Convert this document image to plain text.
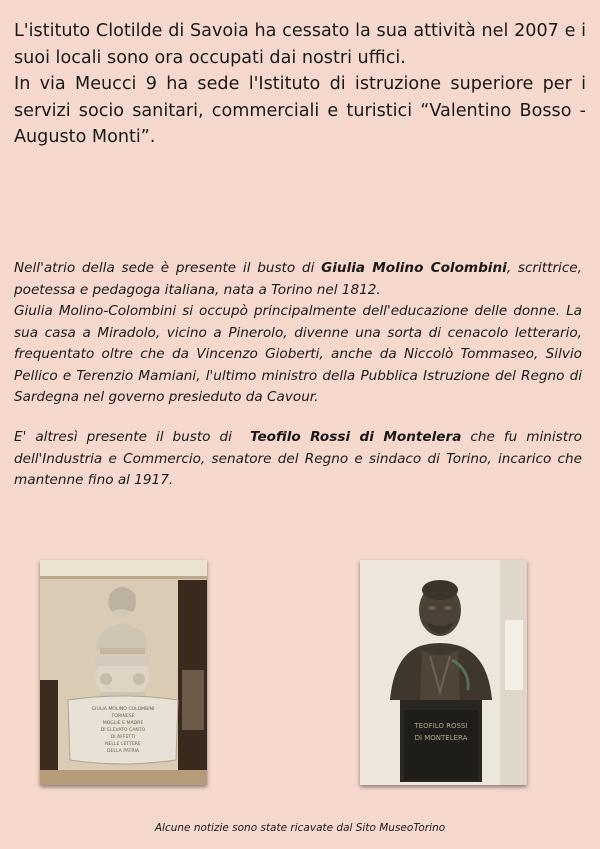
L'istituto Clotilde di Savoia ha cessato la sua attività nel 2007 e i suoi locali sono ora occupati dai nostri uffici.

In via Meucci 9 ha sede l'Istituto di istruzione superiore per i servizi socio sanitari, commerciali e turistici “Valentino Bosso - Augusto Monti”.

Nell'atrio della sede è presente il busto di Giulia Molino Colombini, scrittrice, poetessa e pedagoga italiana, nata a Torino nel 1812.

Giulia Molino-Colombini si occupò principalmente dell'educazione delle donne. La sua casa a Miradolo, vicino a Pinerolo, divenne una sorta di cenacolo letterario, frequentato oltre che da Vincenzo Gioberti, anche da Niccolò Tommaseo, Silvio Pellico e Terenzio Mamiani, l'ultimo ministro della Pubblica Istruzione del Regno di Sardegna nel governo presieduto da Cavour.

E' altresì presente il busto di  Teofilo Rossi di Montelera che fu ministro dell'Industria e Commercio, senatore del Regno e sindaco di Torino, incarico che mantenne fino al 1917.

GIULIA MOLINO COLOMBINI
TORINESE
MOGLIE E MADRE
DI ELEVATO CANTO
DI AFFETTI
NELLE LETTERE
DELLA PATRIA
TEOFILO ROSSI
DI MONTELERA
Alcune notizie sono state ricavate dal Sito MuseoTorino
